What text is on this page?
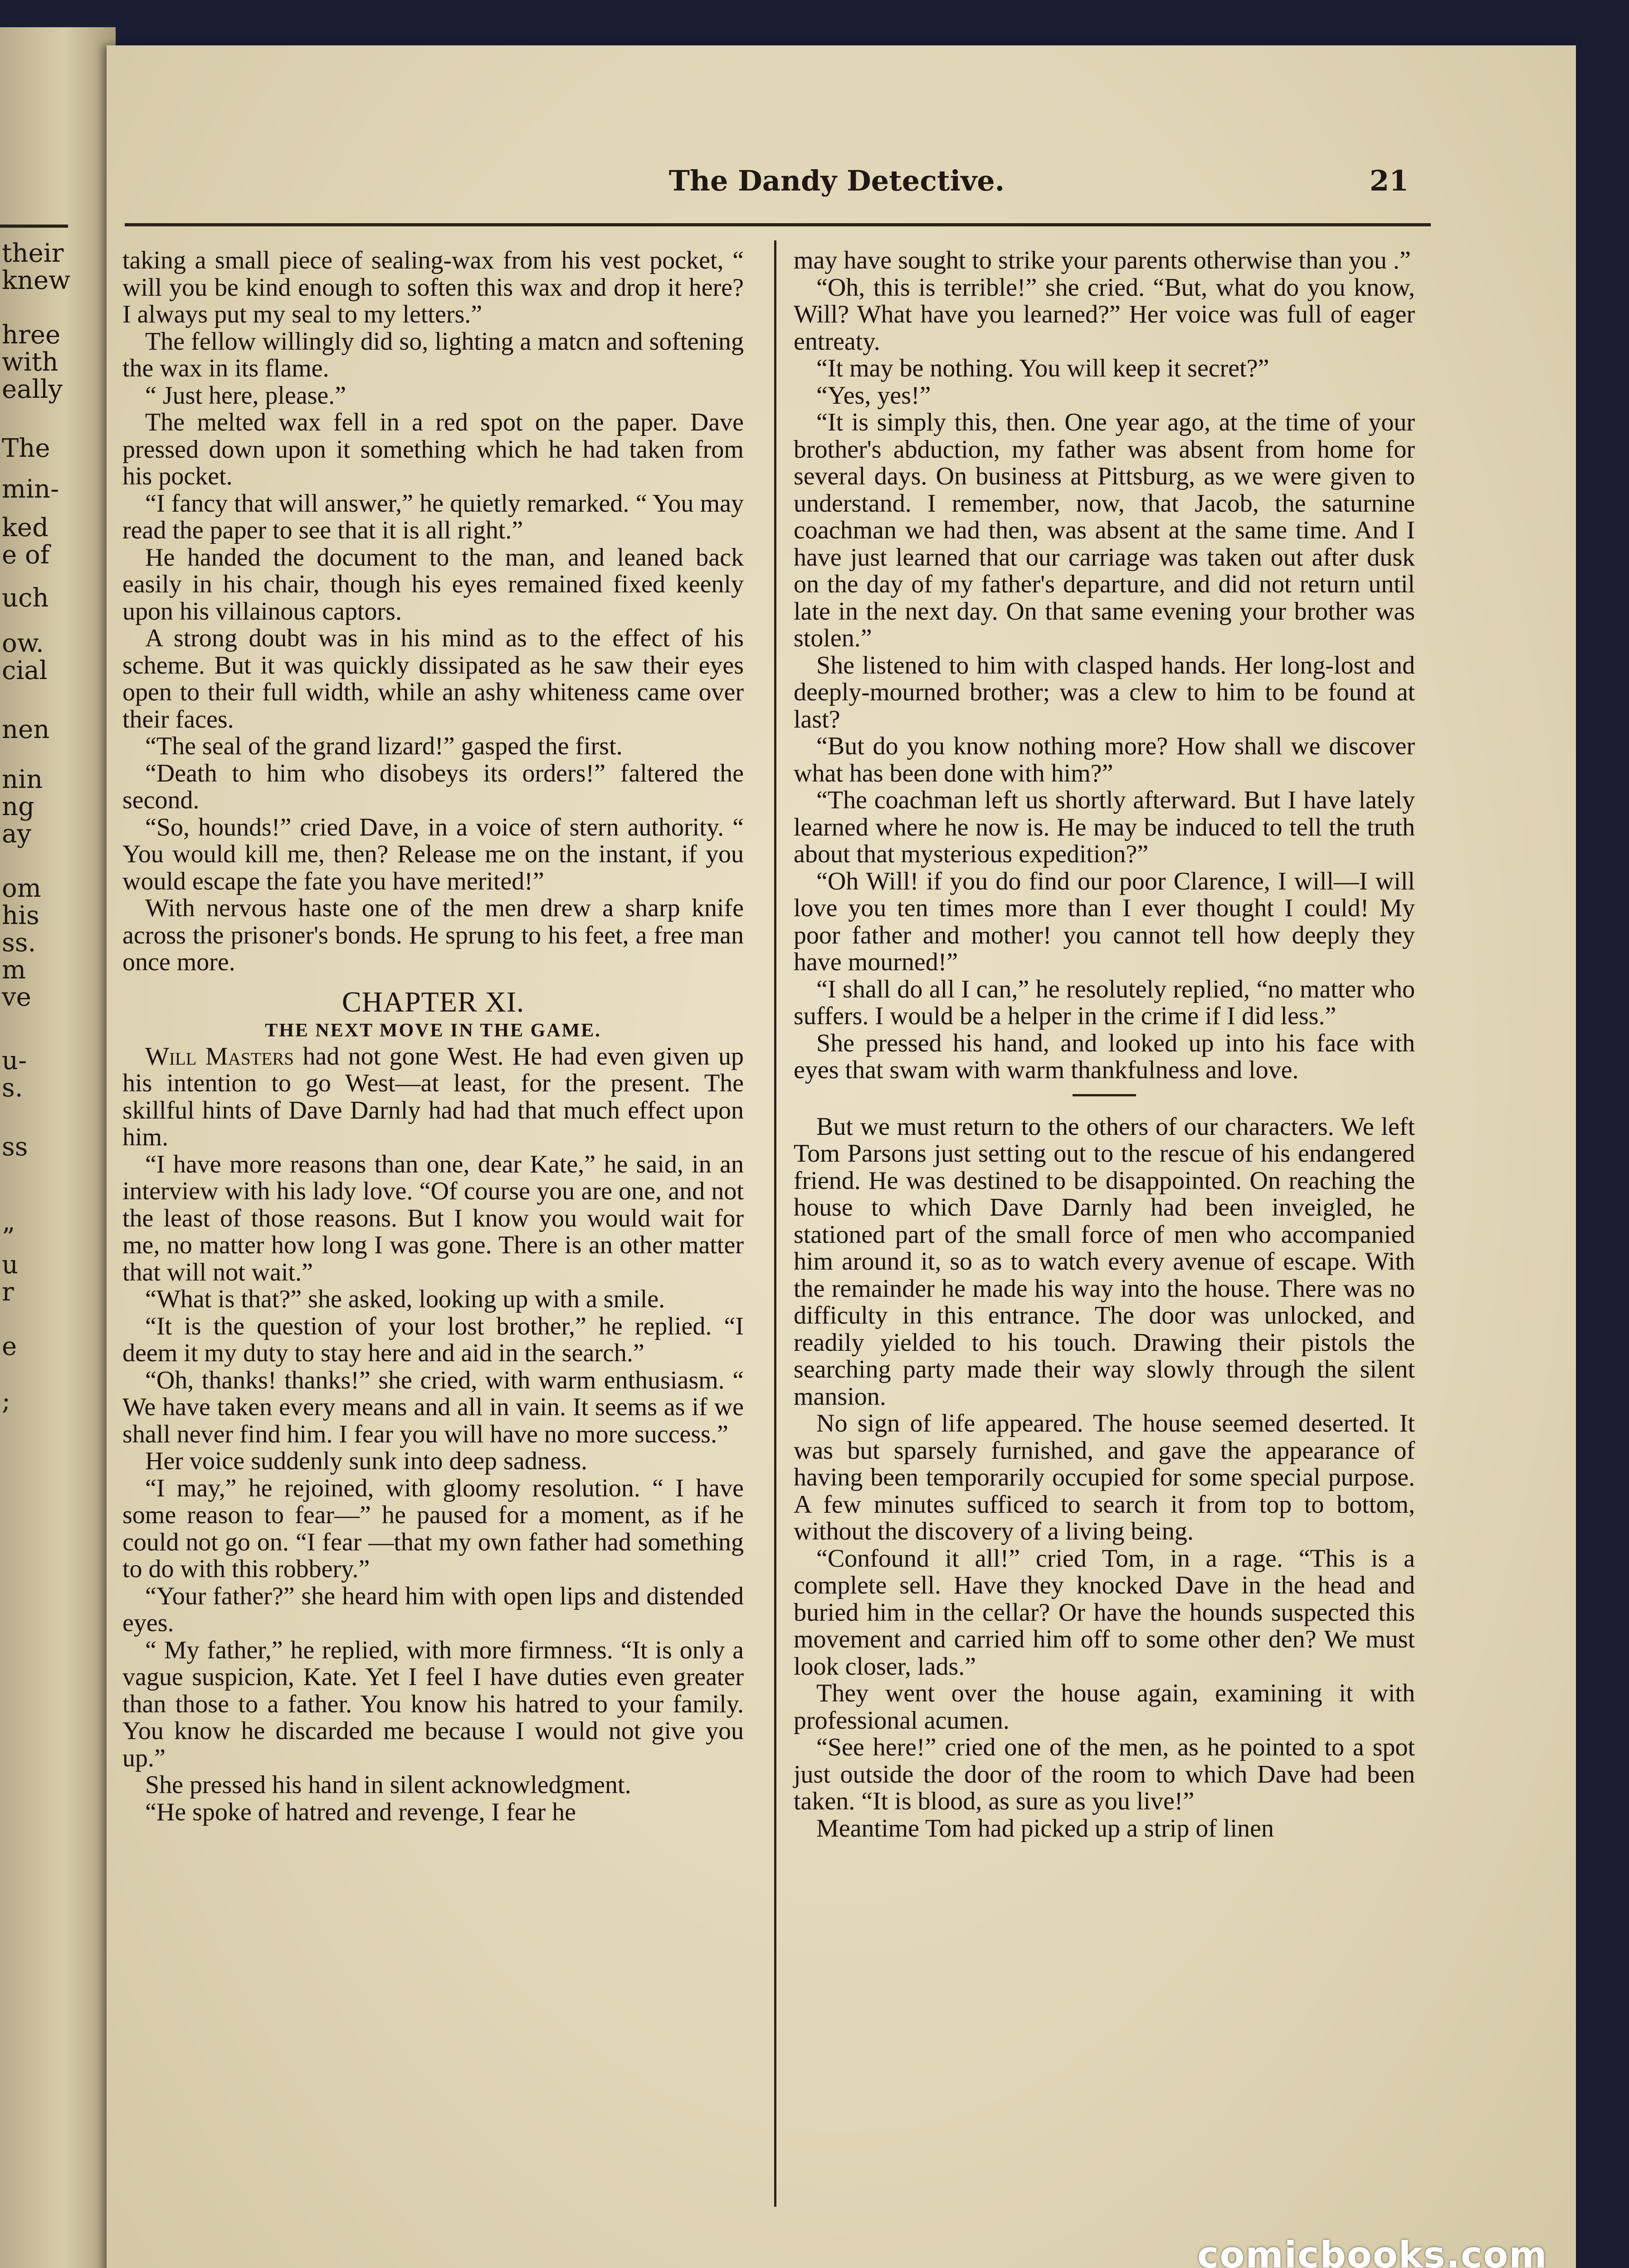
their
knew
hree
with
eally
The
min-
ked
e of
uch
ow.
cial
nen
nin
ng
ay
om
his
ss.
m
ve
u-
s.
ss
”
u
r
e
;
The Dandy Detective.	21

taking a small piece of sealing-wax from his vest pocket, “ will you be kind enough to soften this wax and drop it here? I always put my seal to my letters.”

The fellow willingly did so, lighting a matcn and softening the wax in its flame.

“ Just here, please.”

The melted wax fell in a red spot on the paper. Dave pressed down upon it something which he had taken from his pocket.

“I fancy that will answer,” he quietly remarked. “ You may read the paper to see that it is all right.”

He handed the document to the man, and leaned back easily in his chair, though his eyes remained fixed keenly upon his villainous captors.

A strong doubt was in his mind as to the effect of his scheme. But it was quickly dissipated as he saw their eyes open to their full width, while an ashy whiteness came over their faces.

“The seal of the grand lizard!” gasped the first.

“Death to him who disobeys its orders!” faltered the second.

“So, hounds!” cried Dave, in a voice of stern authority. “ You would kill me, then? Release me on the instant, if you would escape the fate you have merited!”

With nervous haste one of the men drew a sharp knife across the prisoner's bonds. He sprung to his feet, a free man once more.

CHAPTER XI.
THE NEXT MOVE IN THE GAME.

Will Masters had not gone West. He had even given up his intention to go West—at least, for the present. The skillful hints of Dave Darnly had had that much effect upon him.

“I have more reasons than one, dear Kate,” he said, in an interview with his lady love. “Of course you are one, and not the least of those reasons. But I know you would wait for me, no matter how long I was gone. There is an other matter that will not wait.”

“What is that?” she asked, looking up with a smile.

“It is the question of your lost brother,” he replied. “I deem it my duty to stay here and aid in the search.”

“Oh, thanks! thanks!” she cried, with warm enthusiasm. “ We have taken every means and all in vain. It seems as if we shall never find him. I fear you will have no more success.”

Her voice suddenly sunk into deep sadness.

“I may,” he rejoined, with gloomy resolution. “ I have some reason to fear—” he paused for a moment, as if he could not go on. “I fear —that my own father had something to do with this robbery.”

“Your father?” she heard him with open lips and distended eyes.

“ My father,” he replied, with more firmness. “It is only a vague suspicion, Kate. Yet I feel I have duties even greater than those to a father. You know his hatred to your family. You know he discarded me because I would not give you up.”

She pressed his hand in silent acknowledgment.

“He spoke of hatred and revenge, I fear he

may have sought to strike your parents otherwise than you .”

“Oh, this is terrible!” she cried. “But, what do you know, Will? What have you learned?” Her voice was full of eager entreaty.

“It may be nothing. You will keep it secret?”

“Yes, yes!”

“It is simply this, then. One year ago, at the time of your brother's abduction, my father was absent from home for several days. On business at Pittsburg, as we were given to understand. I remember, now, that Jacob, the saturnine coachman we had then, was absent at the same time. And I have just learned that our carriage was taken out after dusk on the day of my father's departure, and did not return until late in the next day. On that same evening your brother was stolen.”

She listened to him with clasped hands. Her long-lost and deeply-mourned brother; was a clew to him to be found at last?

“But do you know nothing more? How shall we discover what has been done with him?”

“The coachman left us shortly afterward. But I have lately learned where he now is. He may be induced to tell the truth about that mysterious expedition?”

“Oh Will! if you do find our poor Clarence, I will—I will love you ten times more than I ever thought I could! My poor father and mother! you cannot tell how deeply they have mourned!”

“I shall do all I can,” he resolutely replied, “no matter who suffers. I would be a helper in the crime if I did less.”

She pressed his hand, and looked up into his face with eyes that swam with warm thankfulness and love.

But we must return to the others of our characters. We left Tom Parsons just setting out to the rescue of his endangered friend. He was destined to be disappointed. On reaching the house to which Dave Darnly had been inveigled, he stationed part of the small force of men who accompanied him around it, so as to watch every avenue of escape. With the remainder he made his way into the house. There was no difficulty in this entrance. The door was unlocked, and readily yielded to his touch. Drawing their pistols the searching party made their way slowly through the silent mansion.

No sign of life appeared. The house seemed deserted. It was but sparsely furnished, and gave the appearance of having been temporarily occupied for some special purpose. A few minutes sufficed to search it from top to bottom, without the discovery of a living being.

“Confound it all!” cried Tom, in a rage. “This is a complete sell. Have they knocked Dave in the head and buried him in the cellar? Or have the hounds suspected this movement and carried him off to some other den? We must look closer, lads.”

They went over the house again, examining it with professional acumen.

“See here!” cried one of the men, as he pointed to a spot just outside the door of the room to which Dave had been taken. “It is blood, as sure as you live!”

Meantime Tom had picked up a strip of linen

comicbooks.com
